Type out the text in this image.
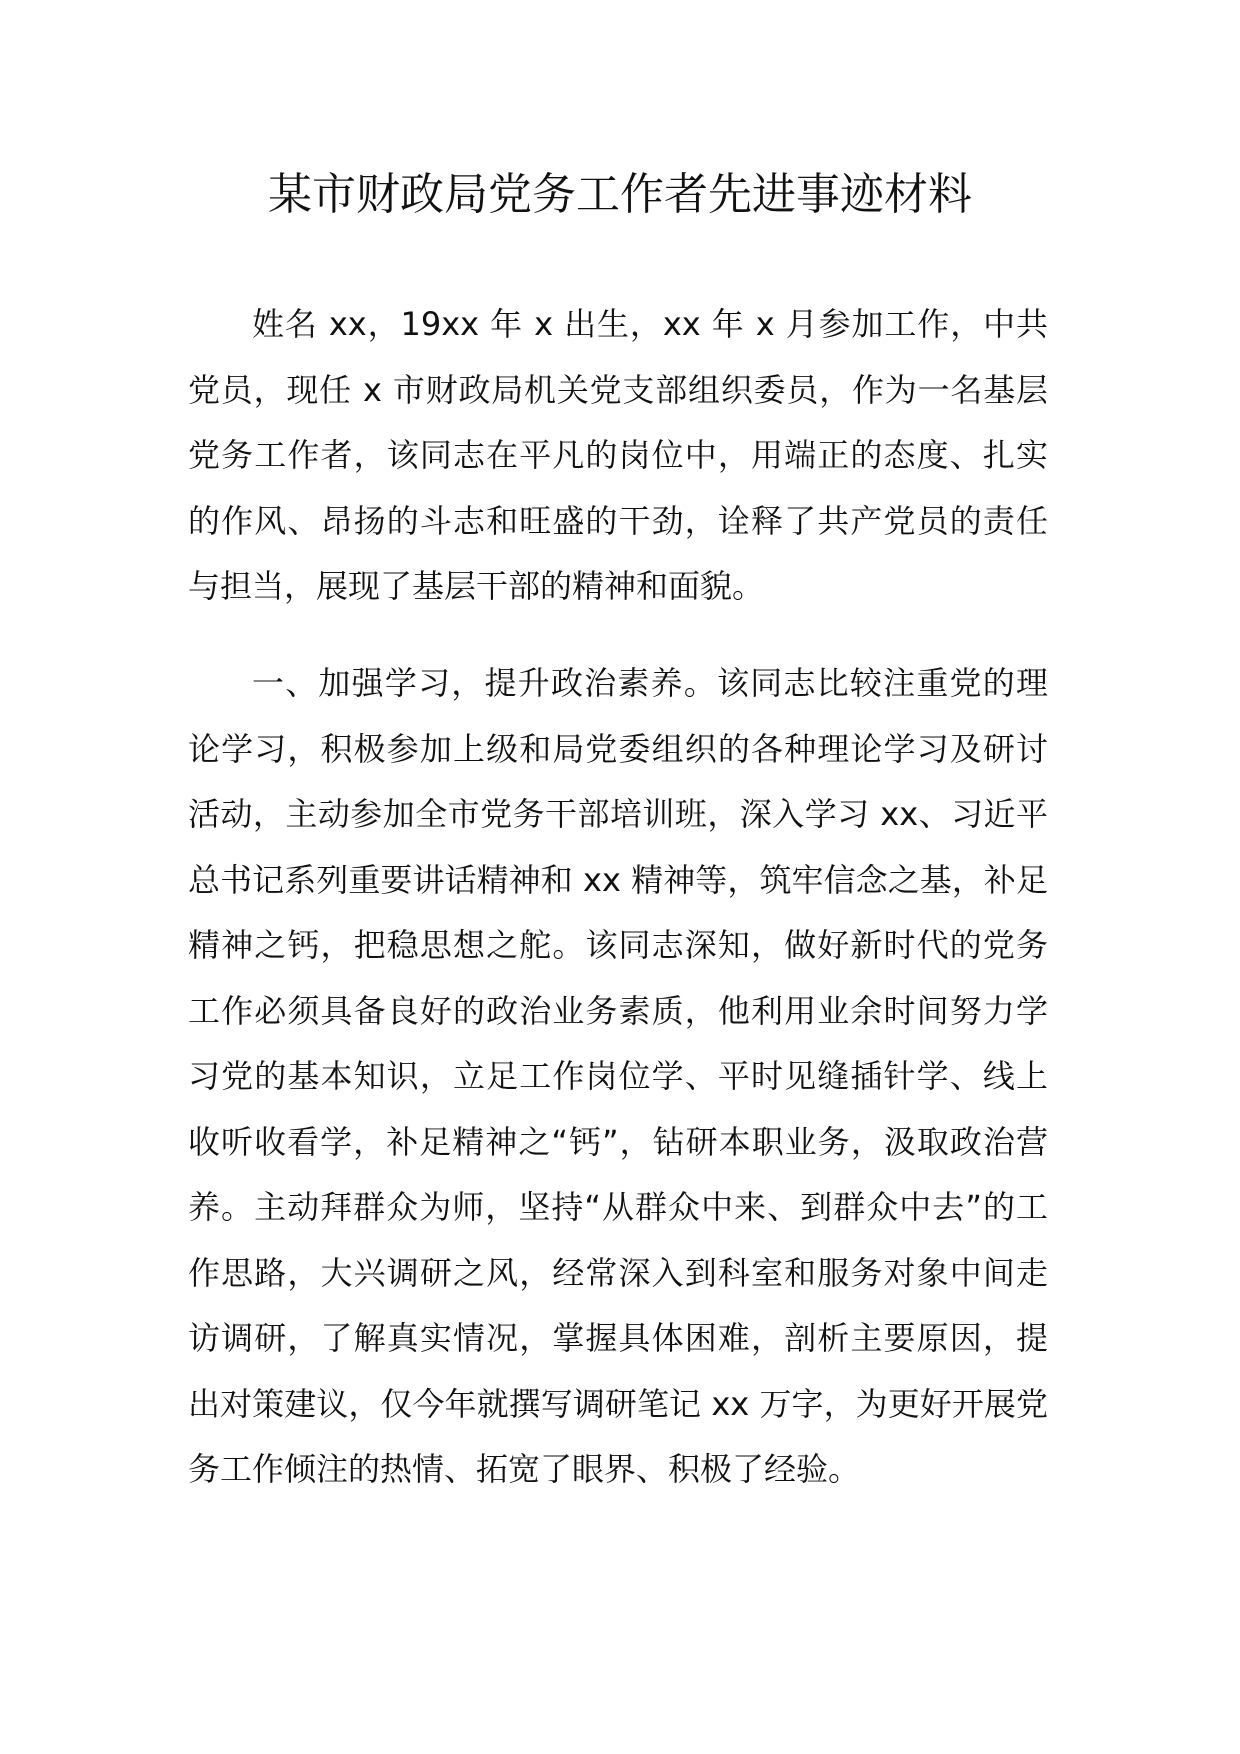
某市财政局党务工作者先进事迹材料

姓名 xx，19xx 年 x 出生，xx 年 x 月参加工作，中共党员，现任 x 市财政局机关党支部组织委员，作为一名基层党务工作者，该同志在平凡的岗位中，用端正的态度、扎实的作风、昂扬的斗志和旺盛的干劲，诠释了共产党员的责任与担当，展现了基层干部的精神和面貌。

一、加强学习，提升政治素养。该同志比较注重党的理论学习，积极参加上级和局党委组织的各种理论学习及研讨活动，主动参加全市党务干部培训班，深入学习 xx、习近平总书记系列重要讲话精神和 xx 精神等，筑牢信念之基，补足精神之钙，把稳思想之舵。该同志深知，做好新时代的党务工作必须具备良好的政治业务素质，他利用业余时间努力学习党的基本知识，立足工作岗位学、平时见缝插针学、线上收听收看学，补足精神之“钙”，钻研本职业务，汲取政治营养。主动拜群众为师，坚持“从群众中来、到群众中去”的工作思路，大兴调研之风，经常深入到科室和服务对象中间走访调研，了解真实情况，掌握具体困难，剖析主要原因，提出对策建议，仅今年就撰写调研笔记 xx 万字，为更好开展党务工作倾注的热情、拓宽了眼界、积极了经验。
